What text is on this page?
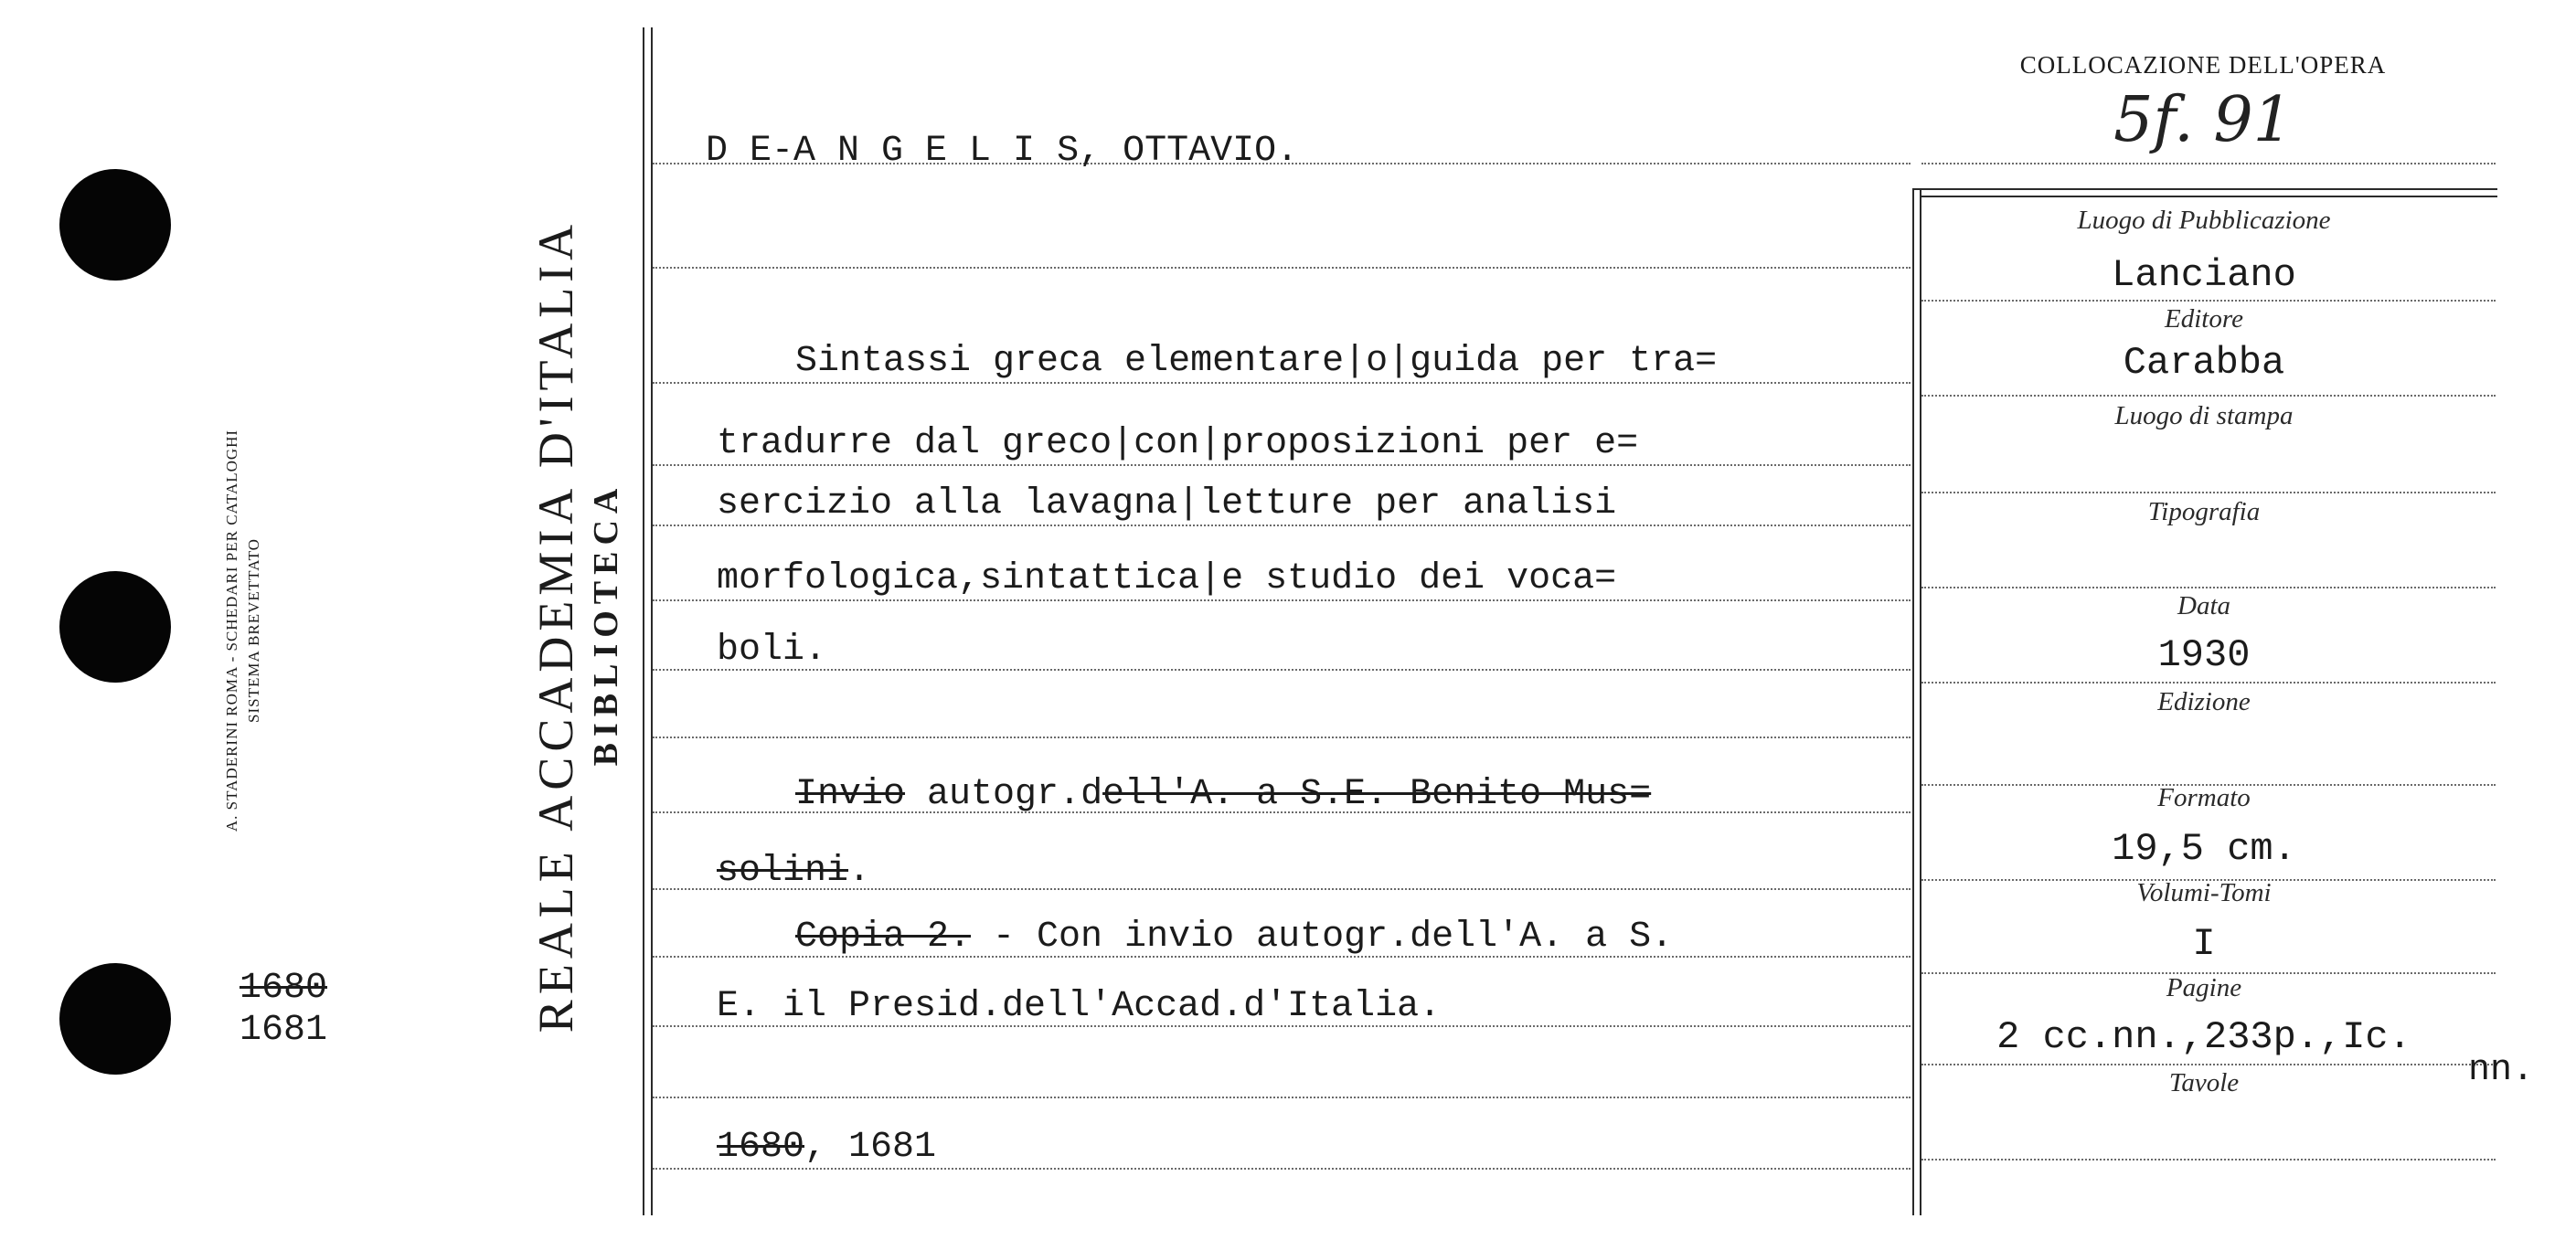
A. STADERINI ROMA - SCHEDARI PER CATALOGHI SISTEMA BREVETTATO
1680
1681	REALE ACCADEMIA D'ITALIA BIBLIOTECA
D E-A N G E L I S, OTTAVIO.
Sintassi greca elementare|o|guida per tra=
tradurre dal greco|con|proposizioni per e=
sercizio alla lavagna|letture per analisi
morfologica,sintattica|e studio dei voca=
boli.
Invio autogr.dell'A. a S.E. Benito Mus=
solini.
Copia 2. - Con invio autogr.dell'A. a S.
E. il Presid.dell'Accad.d'Italia.
1680, 1681
COLLOCAZIONE DELL'OPERA
5f. 91
Luogo di Pubblicazione
Lanciano
Editore
Carabba
Luogo di stampa
Tipografia
Data
1930
Edizione
Formato
19,5 cm.
Volumi-Tomi
I
Pagine
2 cc.nn.,233p.,Ic.
nn.
Tavole
